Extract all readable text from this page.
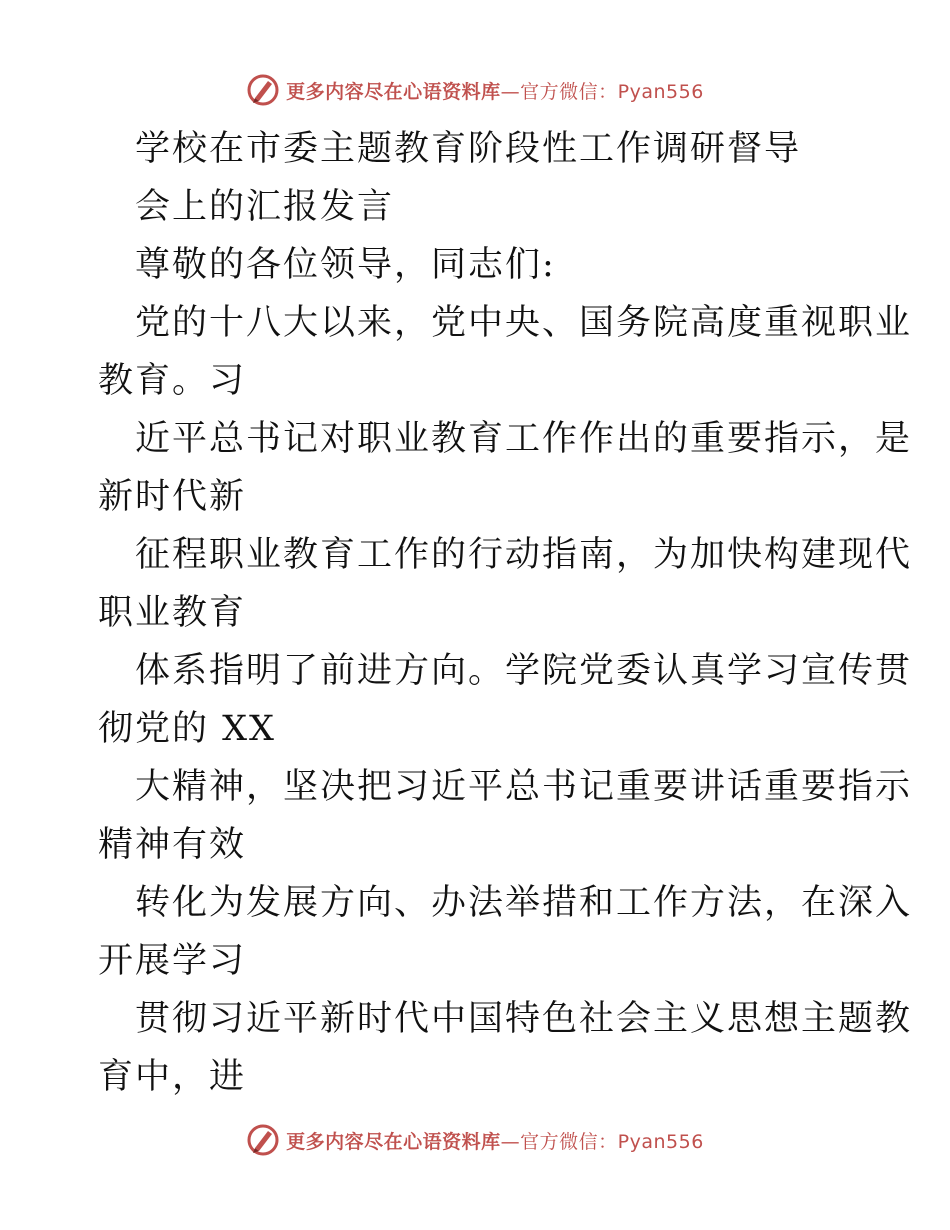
更多内容尽在心语资料库—官方微信：Pyan556
学校在市委主题教育阶段性工作调研督导
会上的汇报发言
尊敬的各位领导，同志们:
党的十八大以来，党中央、国务院高度重视职业
教育。习
近平总书记对职业教育工作作出的重要指示，是
新时代新
征程职业教育工作的行动指南，为加快构建现代
职业教育
体系指明了前进方向。学院党委认真学习宣传贯
彻党的 XX
大精神，坚决把习近平总书记重要讲话重要指示
精神有效
转化为发展方向、办法举措和工作方法，在深入
开展学习
贯彻习近平新时代中国特色社会主义思想主题教
育中，进
更多内容尽在心语资料库—官方微信：Pyan556
